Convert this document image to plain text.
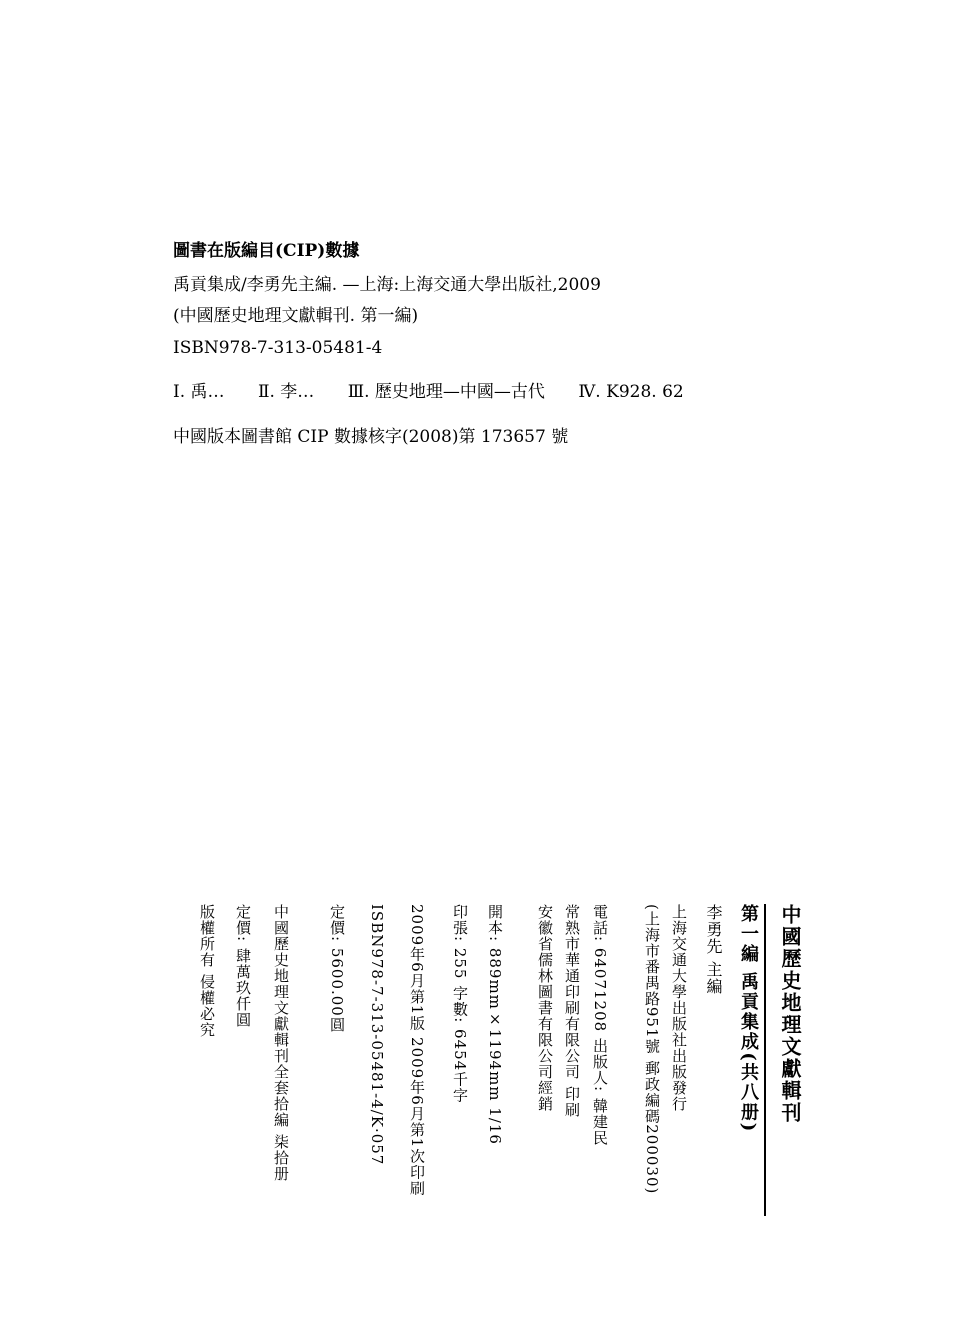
圖書在版編目(CIP)數據
禹貢集成/李勇先主編. —上海:上海交通大學出版社,2009
(中國歷史地理文獻輯刊. 第一編)
ISBN978-7-313-05481-4
Ⅰ. 禹… Ⅱ. 李… Ⅲ. 歷史地理—中國—古代 Ⅳ. K928. 62
中國版本圖書館 CIP 數據核字(2008)第 173657 號
中國歷史地理文獻輯刊
第一編 禹貢集成(共八册)
李勇先 主編
上海交通大學出版社出版發行
(上海市番禺路951號 郵政編碼200030)
電話: 64071208 出版人: 韓建民
常熟市華通印刷有限公司 印刷
安徽省儒林圖書有限公司經銷
開本: 889mm×1194mm 1/16
印張: 255 字數: 6454千字
2009年6月第1版 2009年6月第1次印刷
ISBN978-7-313-05481-4/K·057
定價: 5600.00圓
中國歷史地理文獻輯刊全套拾編 柒拾册
定價: 肆萬玖仟圓
版權所有 侵權必究
